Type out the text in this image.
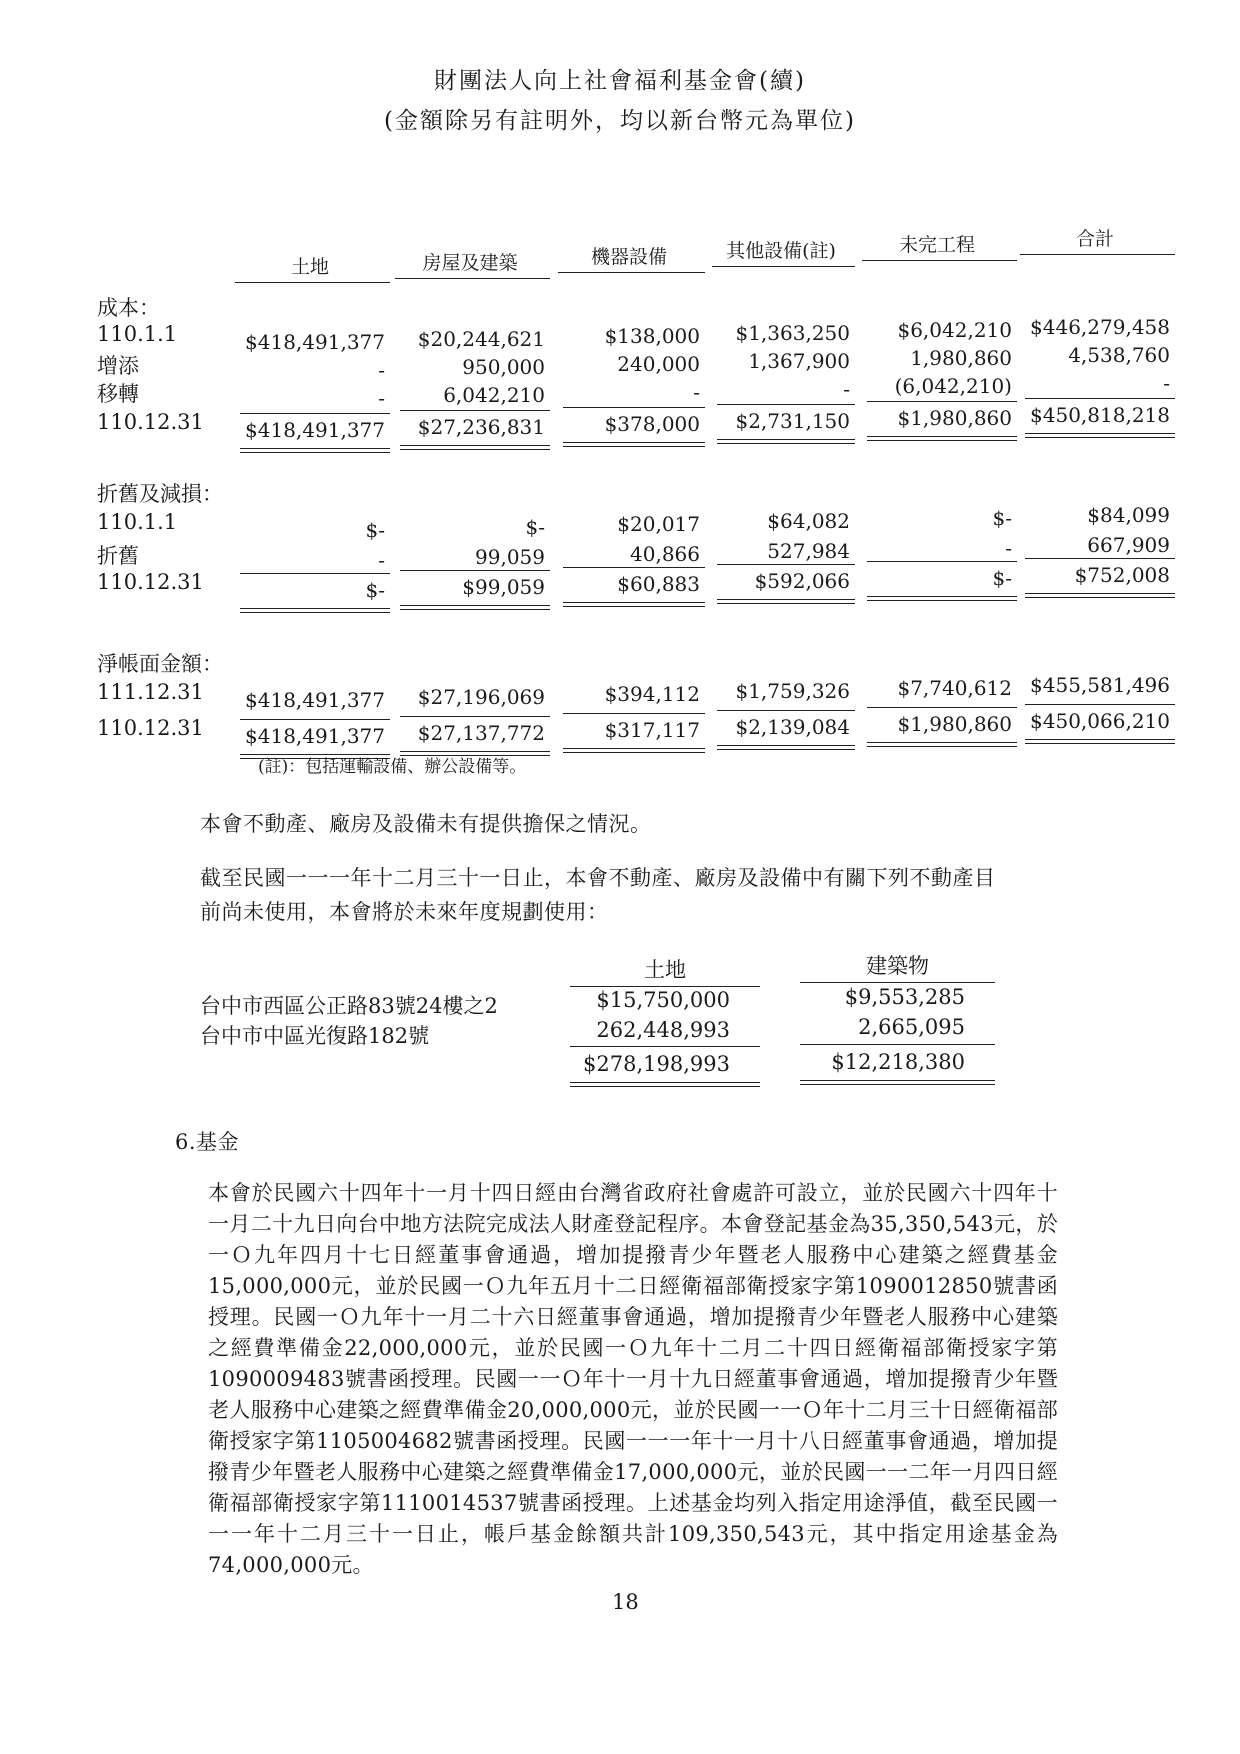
財團法人向上社會福利基金會(續)
(金額除另有註明外，均以新台幣元為單位)
土地	房屋及建築	機器設備	其他設備(註)	未完工程	合計
成本：
110.1.1	$418,491,377	$20,244,621	$138,000	$1,363,250	$6,042,210 $446,279,458
增添	-	950,000	240,000	1,367,900	1,980,860	4,538,760
移轉	-	6,042,210	-	-	(6,042,210)	-
110.12.31	$418,491,377	$27,236,831	$378,000	$2,731,150	$1,980,860 $450,818,218
折舊及減損：
110.1.1	$-	$-	$20,017	$64,082	$-	$84,099
折舊	-	99,059	40,866	527,984	-	667,909
110.12.31	$-	$99,059	$60,883	$592,066	$-	$752,008
淨帳面金額：
111.12.31	$418,491,377	$27,196,069	$394,112	$1,759,326	$7,740,612 $455,581,496
110.12.31	$418,491,377	$27,137,772	$317,117	$2,139,084	$1,980,860 $450,066,210
(註)：包括運輸設備、辦公設備等。
本會不動產、廠房及設備未有提供擔保之情況。
截至民國一一一年十二月三十一日止，本會不動產、廠房及設備中有關下列不動產目
前尚未使用，本會將於未來年度規劃使用：
土地	建築物
台中市西區公正路83號24樓之2	$15,750,000	$9,553,285
台中市中區光復路182號	262,448,993	2,665,095
$278,198,993	$12,218,380
6.基金
本會於民國六十四年十一月十四日經由台灣省政府社會處許可設立，並於民國六十四年十一月二十九日向台中地方法院完成法人財產登記程序。本會登記基金為35,350,543元，於一Ｏ九年四月十七日經董事會通過，增加提撥青少年暨老人服務中心建築之經費基金15,000,000元，並於民國一Ｏ九年五月十二日經衛福部衛授家字第1090012850號書函授理。民國一Ｏ九年十一月二十六日經董事會通過，增加提撥青少年暨老人服務中心建築之經費準備金22,000,000元，並於民國一Ｏ九年十二月二十四日經衛福部衛授家字第1090009483號書函授理。民國一一Ｏ年十一月十九日經董事會通過，增加提撥青少年暨老人服務中心建築之經費準備金20,000,000元，並於民國一一Ｏ年十二月三十日經衛福部衛授家字第1105004682號書函授理。民國一一一年十一月十八日經董事會通過，增加提撥青少年暨老人服務中心建築之經費準備金17,000,000元，並於民國一一二年一月四日經衛福部衛授家字第1110014537號書函授理。上述基金均列入指定用途淨值，截至民國一一一年十二月三十一日止，帳戶基金餘額共計109,350,543元，其中指定用途基金為74,000,000元。
18
